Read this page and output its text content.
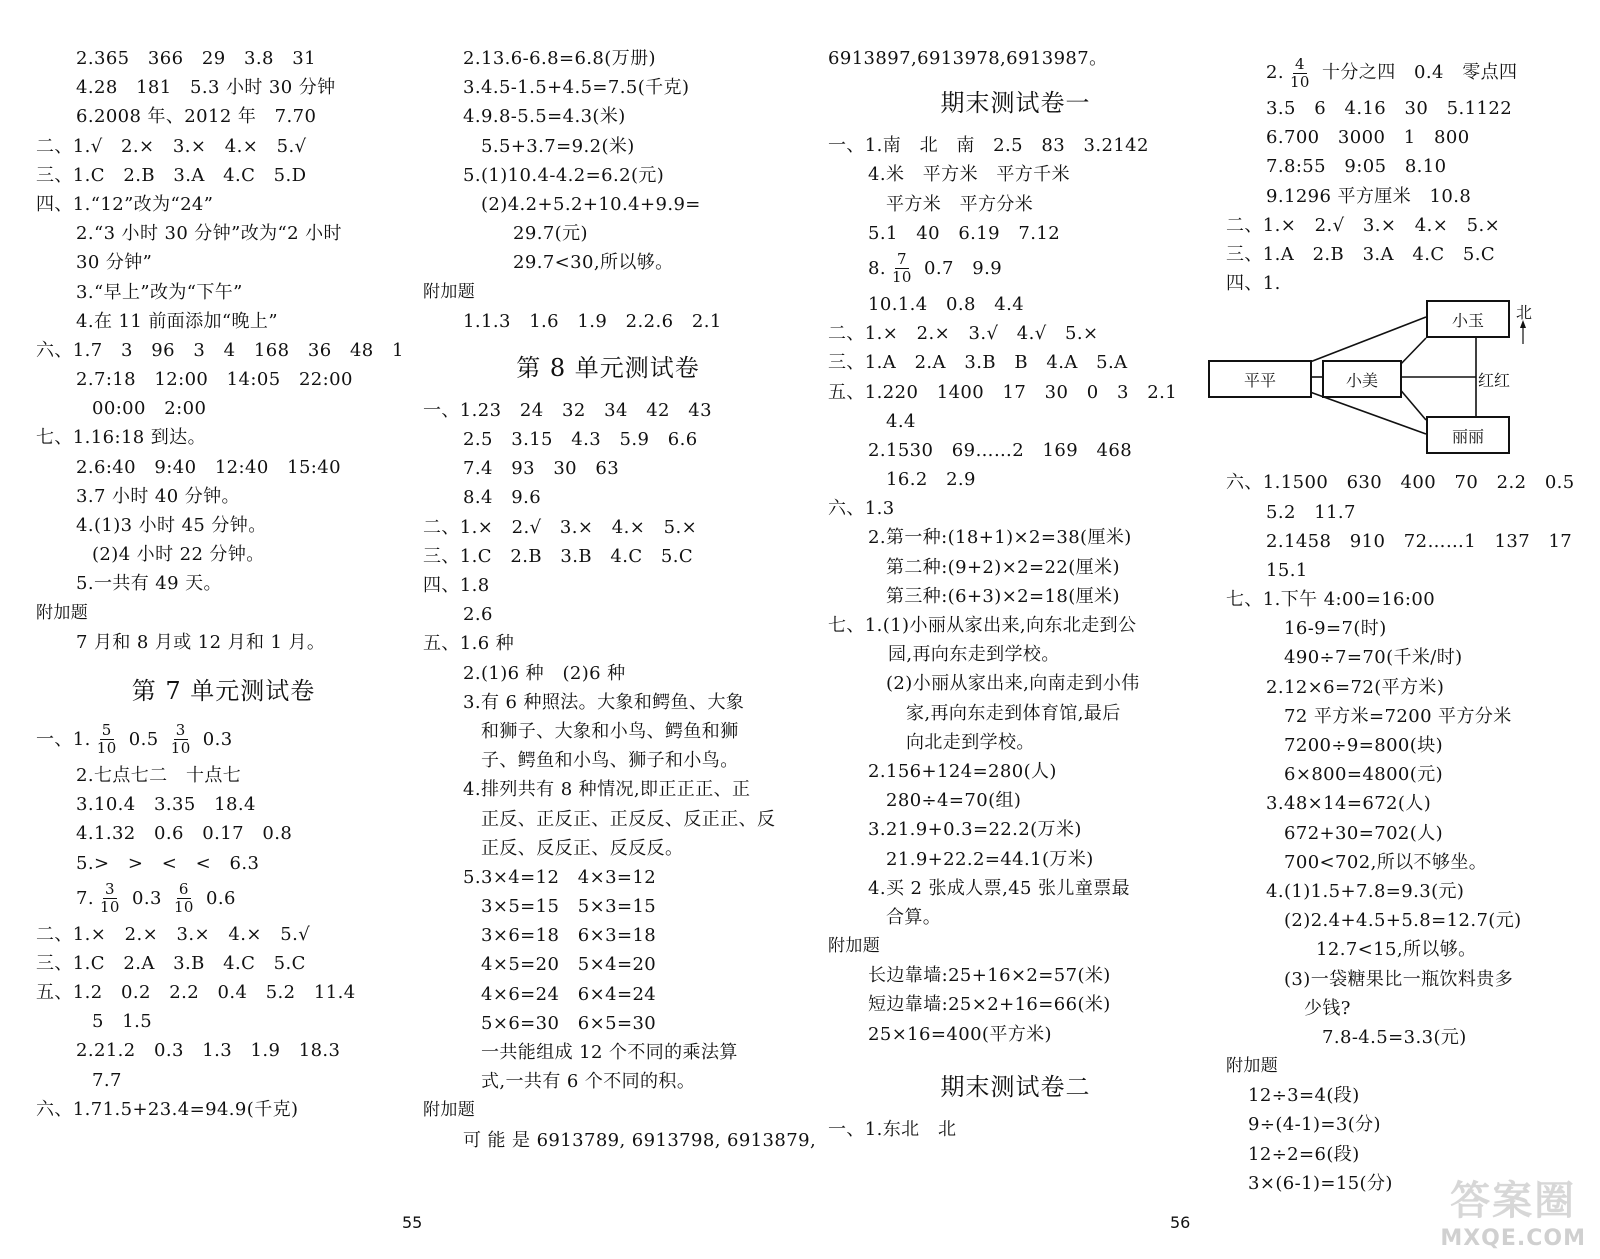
2.365　366　29　3.8　31
4.28　181　5.3 小时 30 分钟
6.2008 年、2012 年　7.70
二、1.√　2.×　3.×　4.×　5.√
三、1.C　2.B　3.A　4.C　5.D
四、1.“12”改为“24”
2.“3 小时 30 分钟”改为“2 小时
30 分钟”
3.“早上”改为“下午”
4.在 11 前面添加“晚上”
六、1.7　3　96　3　4　168　36　48　1
2.7:18　12:00　14:05　22:00
00:00　2:00
七、1.16:18 到达。
2.6:40　9:40　12:40　15:40
3.7 小时 40 分钟。
4.(1)3 小时 45 分钟。
(2)4 小时 22 分钟。
5.一共有 49 天。
附加题
7 月和 8 月或 12 月和 1 月。
第 7 单元测试卷
一、1. $\frac{5}{10} 0.5 \frac{3}{10} 0.3$
2.七点七二　十点七
3.10.4　3.35　18.4
4.1.32　0.6　0.17　0.8
5.>　>　<　<　6.3
7. $\frac{3}{10} 0.3 \frac{6}{10} 0.6$
二、1.×　2.×　3.×　4.×　5.√
三、1.C　2.A　3.B　4.C　5.C
五、1.2　0.2　2.2　0.4　5.2　11.4
5　1.5
2.21.2　0.3　1.3　1.9　18.3
7.7
六、1.71.5+23.4=94.9(千克)
2.13.6-6.8=6.8(万册)
3.4.5-1.5+4.5=7.5(千克)
4.9.8-5.5=4.3(米)
5.5+3.7=9.2(米)
5.(1)10.4-4.2=6.2(元)
(2)4.2+5.2+10.4+9.9=
29.7(元)
29.7<30,所以够。
附加题
1.1.3　1.6　1.9　2.2.6　2.1
第 8 单元测试卷
一、1.23　24　32　34　42　43
2.5　3.15　4.3　5.9　6.6
7.4　93　30　63
8.4　9.6
二、1.×　2.√　3.×　4.×　5.×
三、1.C　2.B　3.B　4.C　5.C
四、1.8
2.6
五、1.6 种
2.(1)6 种　(2)6 种
3.有 6 种照法。大象和鳄鱼、大象
和狮子、大象和小鸟、鳄鱼和狮
子、鳄鱼和小鸟、狮子和小鸟。
4.排列共有 8 种情况,即正正正、正
正反、正反正、正反反、反正正、反
正反、反反正、反反反。
5.3×4=12　4×3=12
3×5=15　5×3=15
3×6=18　6×3=18
4×5=20　5×4=20
4×6=24　6×4=24
5×6=30　6×5=30
一共能组成 12 个不同的乘法算
式,一共有 6 个不同的积。
附加题
可 能 是 6913789, 6913798, 6913879,
6913897,6913978,6913987。
期末测试卷一
一、1.南　北　南　2.5　83　3.2142
4.米　平方米　平方千米
平方米　平方分米
5.1　40　6.19　7.12
8. $\frac{7}{10} 0.7$　9.9
10.1.4　0.8　4.4
二、1.×　2.×　3.√　4.√　5.×
三、1.A　2.A　3.B　B　4.A　5.A
五、1.220　1400　17　30　0　3　2.1
4.4
2.1530　69……2　169　468
16.2　2.9
六、1.3
2.第一种:(18+1)×2=38(厘米)
第二种:(9+2)×2=22(厘米)
第三种:(6+3)×2=18(厘米)
七、1.(1)小丽从家出来,向东北走到公
园,再向东走到学校。
(2)小丽从家出来,向南走到小伟
家,再向东走到体育馆,最后
向北走到学校。
2.156+124=280(人)
280÷4=70(组)
3.21.9+0.3=22.2(万米)
21.9+22.2=44.1(万米)
4.买 2 张成人票,45 张儿童票最
合算。
附加题
长边靠墙:25+16×2=57(米)
短边靠墙:25×2+16=66(米)
25×16=400(平方米)
期末测试卷二
一、1.东北　北
2. $\frac{4}{10}$ 十分之四　0.4　零点四
3.5　6　4.16　30　5.1122
6.700　3000　1　800
7.8:55　9:05　8.10
9.1296 平方厘米　10.8
二、1.×　2.√　3.×　4.×　5.×
三、1.A　2.B　3.A　4.C　5.C
四、1.
平平	小美
小玉
丽丽
红红
北
六、1.1500　630　400　70　2.2　0.5
5.2　11.7
2.1458　910　72……1　137　17
15.1
七、1.下午 4:00=16:00
16-9=7(时)
490÷7=70(千米/时)
2.12×6=72(平方米)
72 平方米=7200 平方分米
7200÷9=800(块)
6×800=4800(元)
3.48×14=672(人)
672+30=702(人)
700<702,所以不够坐。
4.(1)1.5+7.8=9.3(元)
(2)2.4+4.5+5.8=12.7(元)
12.7<15,所以够。
(3)一袋糖果比一瓶饮料贵多
少钱?
7.8-4.5=3.3(元)
附加题
12÷3=4(段)
9÷(4-1)=3(分)
12÷2=6(段)
3×(6-1)=15(分)
55	56	答案圈
MXQE.COM
